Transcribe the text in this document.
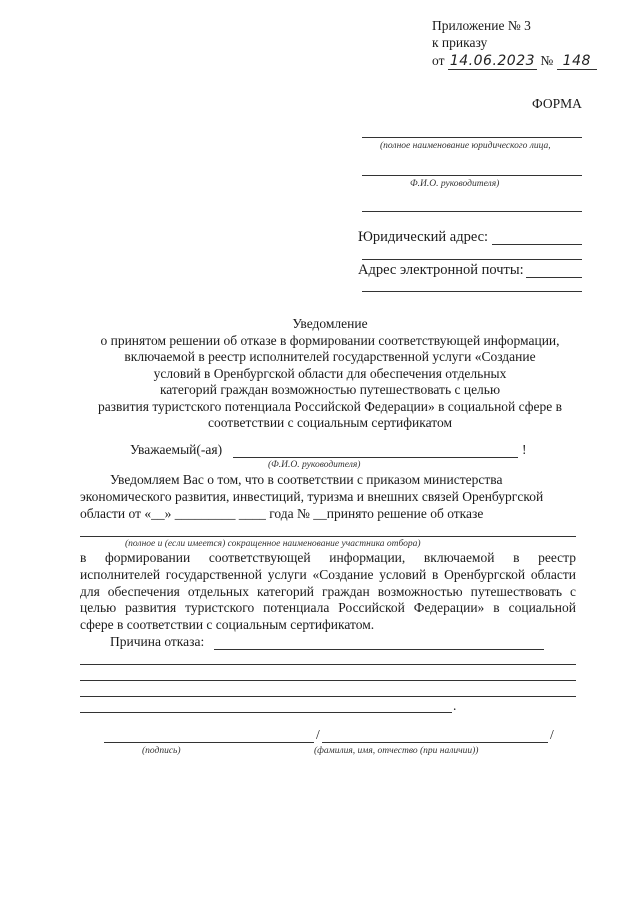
Приложение № 3
к приказу
от 14.06.2023 № 148
ФОРМА
(полное наименование юридического лица,
Ф.И.О. руководителя)
Юридический адрес:
Адрес электронной почты:
Уведомление
о принятом решении об отказе в формировании соответствующей информации,
включаемой в реестр исполнителей государственной услуги «Создание
условий в Оренбургской области для обеспечения отдельных
категорий граждан возможностью путешествовать с целью
развития туристского потенциала Российской Федерации» в социальной сфере в
соответствии с социальным сертификатом
Уважаемый(-ая)	!
(Ф.И.О. руководителя)
Уведомляем Вас о том, что в соответствии с приказом министерства
экономического развития, инвестиций, туризма и внешних связей Оренбургской
области от «__» _________ ____ года № __принято решение об отказе
(полное и (если имеется) сокращенное наименование участника отбора)
в формировании соответствующей информации, включаемой в реестр
исполнителей государственной услуги «Создание условий в Оренбургской области
для обеспечения отдельных категорий граждан возможностью путешествовать с
целью развития туристского потенциала Российской Федерации» в социальной
сфере в соответствии с социальным сертификатом.
Причина отказа:
.
/	/
(подпись)	(фамилия, имя, отчество (при наличии))
